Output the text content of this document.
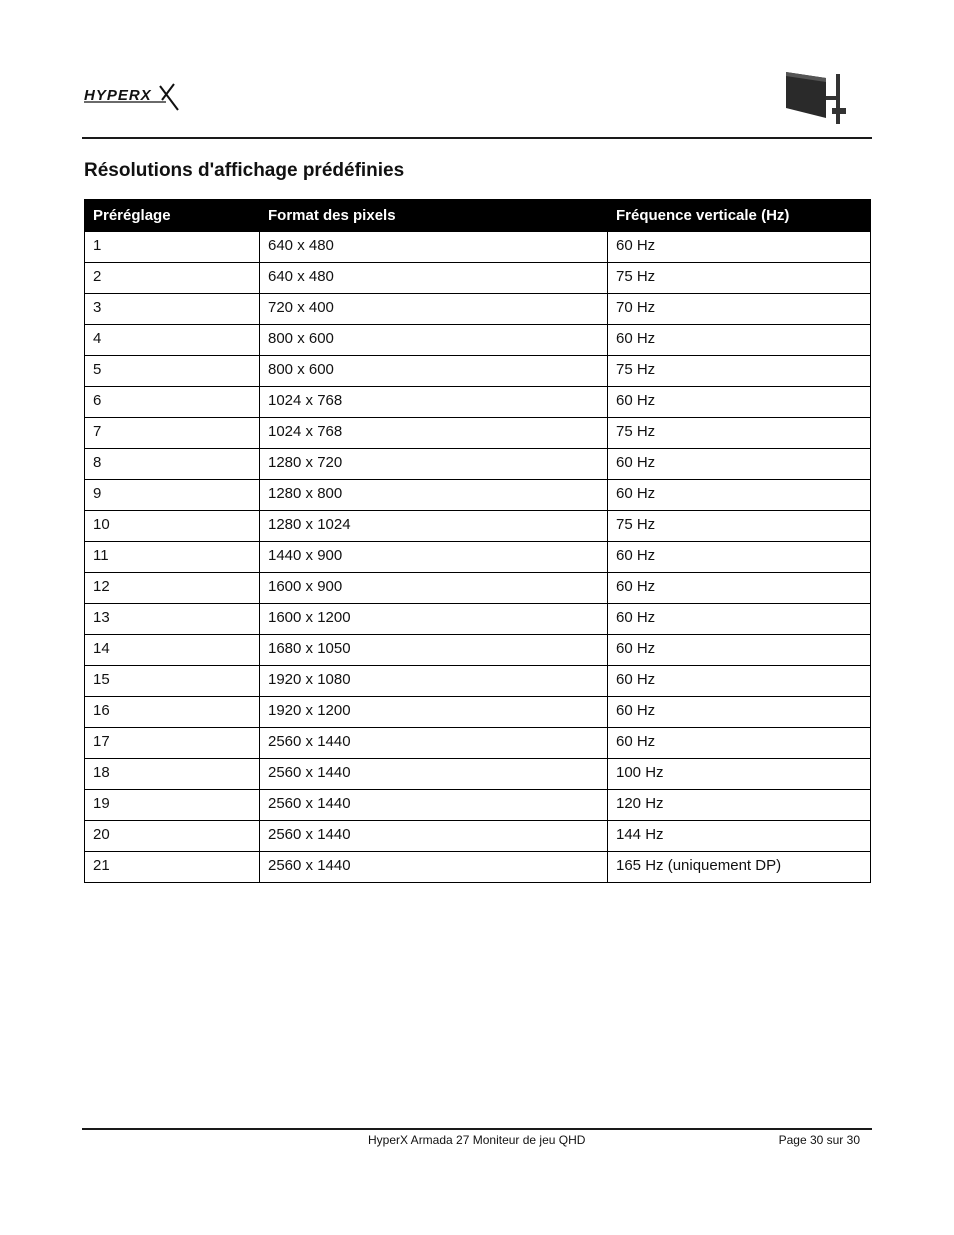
HYPERX
Résolutions d'affichage prédéfinies
Préréglage	Format des pixels	Fréquence verticale (Hz)
1	640 x 480	60 Hz
2	640 x 480	75 Hz
3	720 x 400	70 Hz
4	800 x 600	60 Hz
5	800 x 600	75 Hz
6	1024 x 768	60 Hz
7	1024 x 768	75 Hz
8	1280 x 720	60 Hz
9	1280 x 800	60 Hz
10	1280 x 1024	75 Hz
11	1440 x 900	60 Hz
12	1600 x 900	60 Hz
13	1600 x 1200	60 Hz
14	1680 x 1050	60 Hz
15	1920 x 1080	60 Hz
16	1920 x 1200	60 Hz
17	2560 x 1440	60 Hz
18	2560 x 1440	100 Hz
19	2560 x 1440	120 Hz
20	2560 x 1440	144 Hz
21	2560 x 1440	165 Hz (uniquement DP)
HyperX Armada 27 Moniteur de jeu QHD	Page 30 sur 30
